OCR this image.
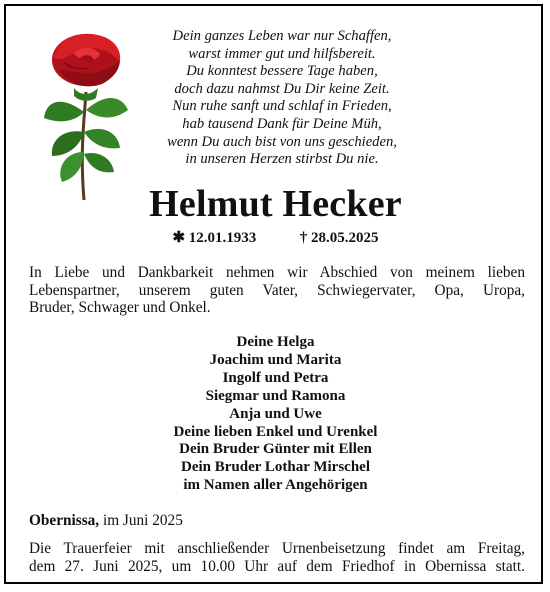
Dein ganzes Leben war nur Schaffen,
warst immer gut und hilfsbereit.
Du konntest bessere Tage haben,
doch dazu nahmst Du Dir keine Zeit.
Nun ruhe sanft und schlaf in Frieden,
hab tausend Dank für Deine Müh,
wenn Du auch bist von uns geschieden,
in unseren Herzen stirbst Du nie.
Helmut Hecker
✱ 12.01.1933	† 28.05.2025
In Liebe und Dankbarkeit nehmen wir Abschied von meinem lieben
Lebenspartner, unserem guten Vater, Schwiegervater, Opa, Uropa,
Bruder, Schwager und Onkel.
Deine Helga
Joachim und Marita
Ingolf und Petra
Siegmar und Ramona
Anja und Uwe
Deine lieben Enkel und Urenkel
Dein Bruder Günter mit Ellen
Dein Bruder Lothar Mirschel
im Namen aller Angehörigen
Obernissa, im Juni 2025
Die Trauerfeier mit anschließender Urnenbeisetzung findet am Freitag,
dem 27. Juni 2025, um 10.00 Uhr auf dem Friedhof in Obernissa statt.
